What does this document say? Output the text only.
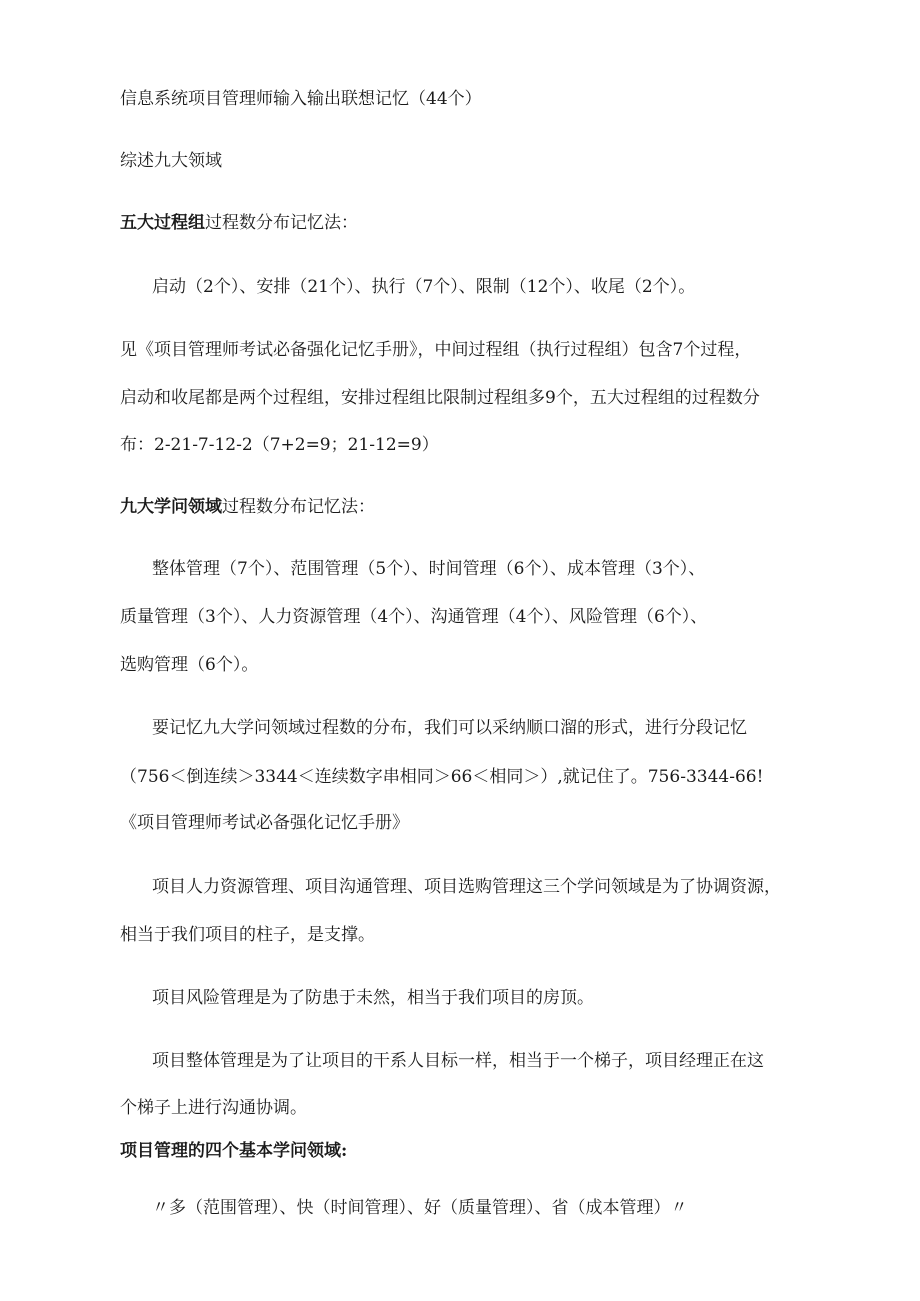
信息系统项目管理师输入输出联想记忆（44个）

综述九大领域

五大过程组过程数分布记忆法：

启动（2个）、安排（21个）、执行（7个）、限制（12个）、收尾（2个）。

见《项目管理师考试必备强化记忆手册》，中间过程组（执行过程组）包含7个过程，

启动和收尾都是两个过程组，安排过程组比限制过程组多9个，五大过程组的过程数分

布：2-21-7-12-2（7+2=9；21-12=9）

九大学问领域过程数分布记忆法：

整体管理（7个）、范围管理（5个）、时间管理（6个）、成本管理（3个）、

质量管理（3个）、人力资源管理（4个）、沟通管理（4个）、风险管理（6个）、

选购管理（6个）。

要记忆九大学问领域过程数的分布，我们可以采纳顺口溜的形式，进行分段记忆

（756＜倒连续＞3344＜连续数字串相同＞66＜相同＞）,就记住了。756-3344-66!

《项目管理师考试必备强化记忆手册》

项目人力资源管理、项目沟通管理、项目选购管理这三个学问领域是为了协调资源，

相当于我们项目的柱子，是支撑。

项目风险管理是为了防患于未然，相当于我们项目的房顶。

项目整体管理是为了让项目的干系人目标一样，相当于一个梯子，项目经理正在这

个梯子上进行沟通协调。

项目管理的四个基本学问领域:

〃多（范围管理）、快（时间管理）、好（质量管理）、省（成本管理）〃
